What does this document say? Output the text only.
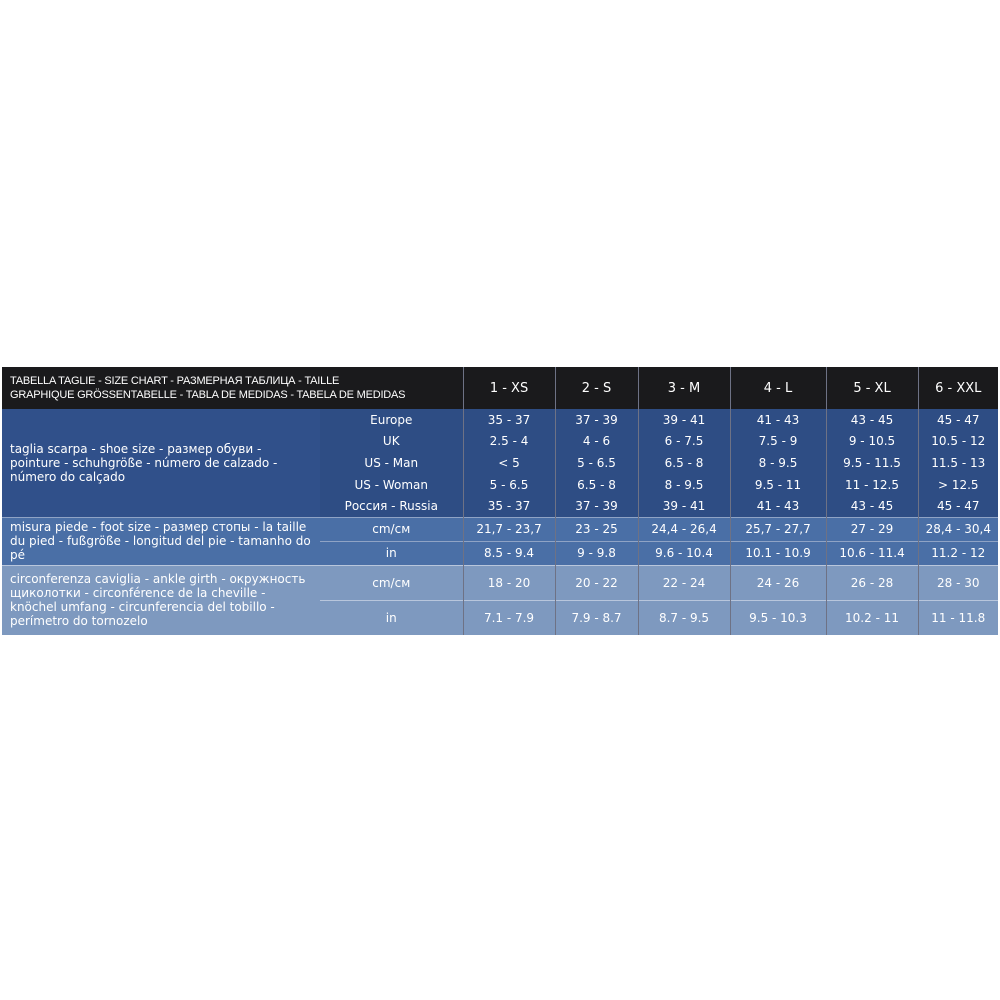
TABELLA TAGLIE - SIZE CHART - РАЗМЕРНАЯ ТАБЛИЦА - TAILLE
GRAPHIQUE GRÖSSENTABELLE - TABLA DE MEDIDAS - TABELA DE MEDIDAS		1 - XS	2 - S	3 - M	4 - L	5 - XL	6 - XXL
taglia scarpa - shoe size - размер обуви - pointure - schuhgröße - número de calzado - número do calçado	Europe	35 - 37	37 - 39	39 - 41	41 - 43	43 - 45	45 - 47
	UK	2.5 - 4	4 - 6	6 - 7.5	7.5 - 9	9 - 10.5	10.5 - 12
	US - Man	< 5	5 - 6.5	6.5 - 8	8 - 9.5	9.5 - 11.5	11.5 - 13
	US - Woman	5 - 6.5	6.5 - 8	8 - 9.5	9.5 - 11	11 - 12.5	> 12.5
	Россия - Russia	35 - 37	37 - 39	39 - 41	41 - 43	43 - 45	45 - 47
misura piede - foot size - размер стопы - la taille du pied - fußgröße - longitud del pie - tamanho do pé	cm/см	21,7 - 23,7	23 - 25	24,4 - 26,4	25,7 - 27,7	27 - 29	28,4 - 30,4
	in	8.5 - 9.4	9 - 9.8	9.6 - 10.4	10.1 - 10.9	10.6 - 11.4	11.2 - 12
circonferenza caviglia - ankle girth - окружность щиколотки - circonférence de la cheville - knöchel umfang - circunferencia del tobillo - perímetro do tornozelo	cm/см	18 - 20	20 - 22	22 - 24	24 - 26	26 - 28	28 - 30
	in	7.1 - 7.9	7.9 - 8.7	8.7 - 9.5	9.5 - 10.3	10.2 - 11	11 - 11.8
